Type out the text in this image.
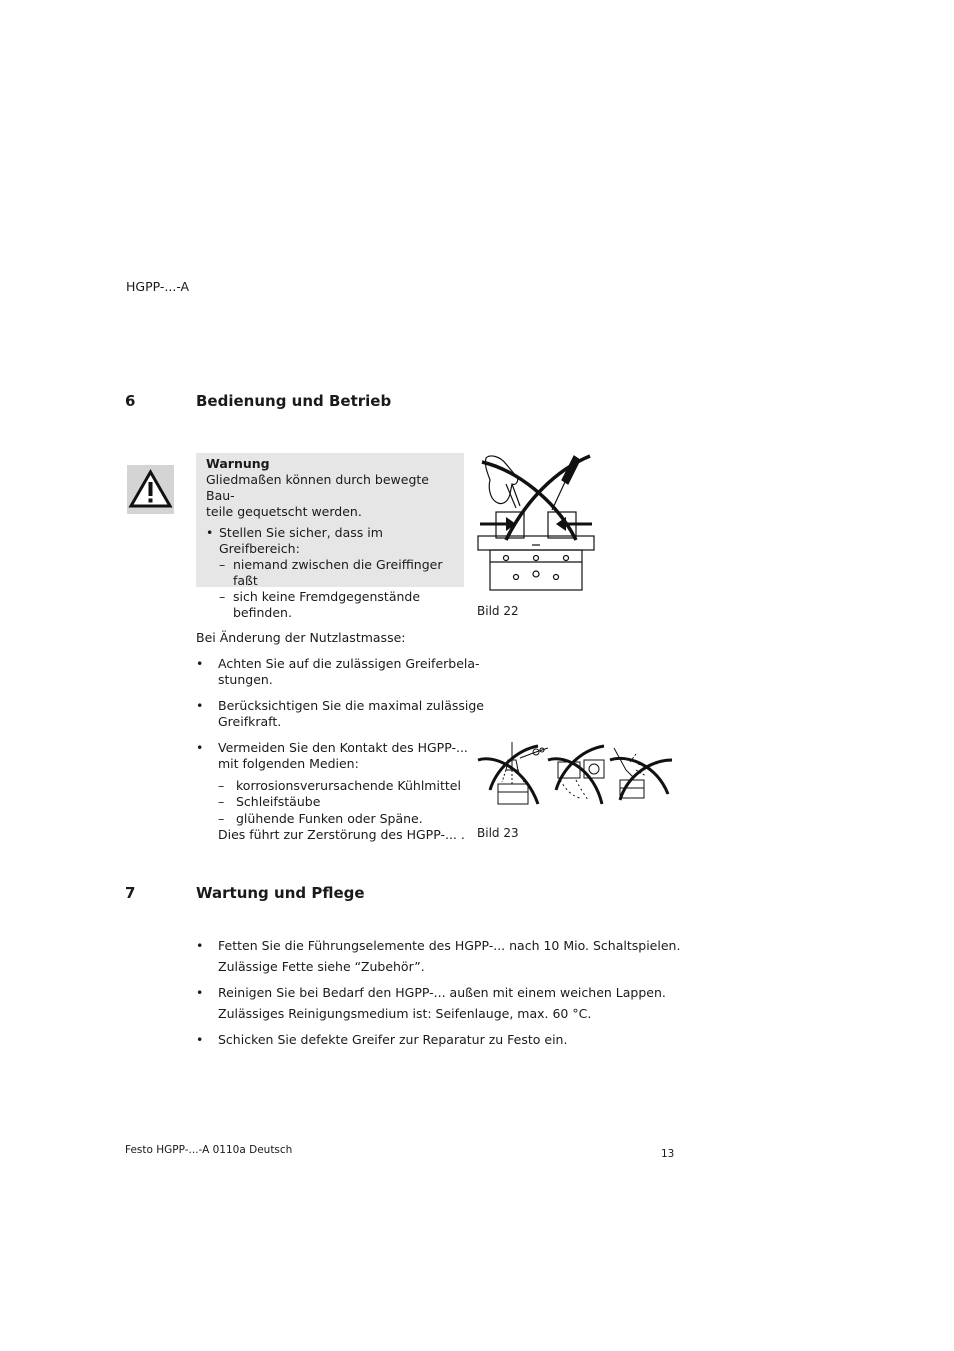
HGPP-...-A
6	Bedienung und Betrieb
Warnung
Gliedmaßen können durch bewegte Bau-
teile gequetscht werden.
• Stellen Sie sicher, dass im Greifbereich:
– niemand zwischen die Greiffinger faßt
– sich keine Fremdgegenstände
befinden.	Bild 22
Bei Änderung der Nutzlastmasse:
•	Achten Sie auf die zulässigen Greiferbela-
stungen.
•	Berücksichtigen Sie die maximal zulässige
Greifkraft.
•	Vermeiden Sie den Kontakt des HGPP-...
mit folgenden Medien:
– korrosionsverursachende Kühlmittel
– Schleifstäube
– glühende Funken oder Späne.
Dies führt zur Zerstörung des HGPP-... .	Bild 23
7	Wartung und Pflege
•	Fetten Sie die Führungselemente des HGPP-... nach 10 Mio. Schaltspielen.
Zulässige Fette siehe “Zubehör”.
•	Reinigen Sie bei Bedarf den HGPP-... außen mit einem weichen Lappen.
Zulässiges Reinigungsmedium ist: Seifenlauge, max. 60 °C.
•	Schicken Sie defekte Greifer zur Reparatur zu Festo ein.
Festo HGPP-...-A 0110a Deutsch	13
